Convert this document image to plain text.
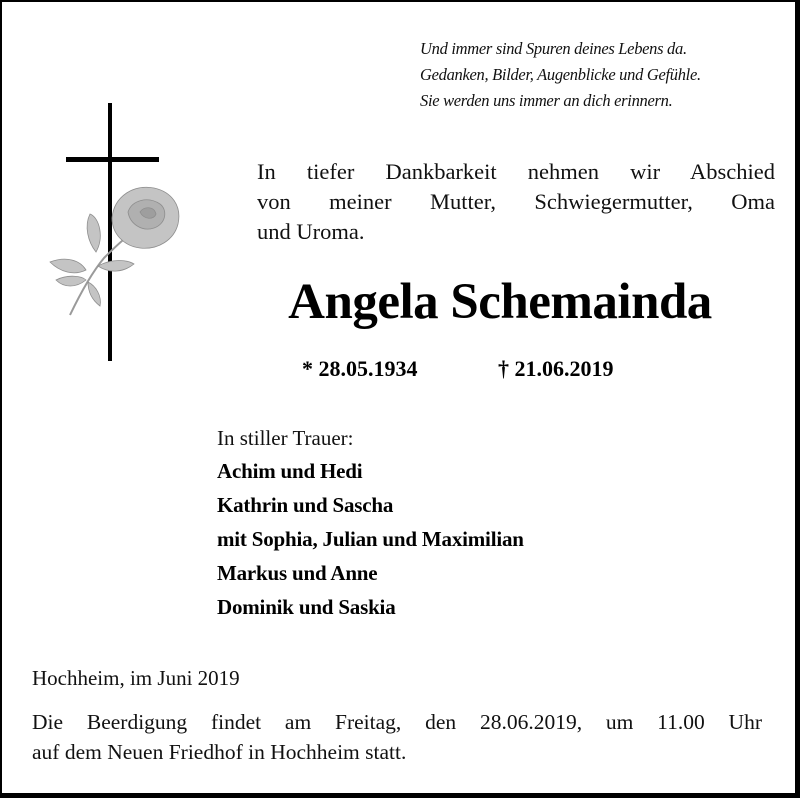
Und immer sind Spuren deines Lebens da.
Gedanken, Bilder, Augenblicke und Gefühle.
Sie werden uns immer an dich erinnern.
In tiefer Dankbarkeit nehmen wir Abschied
von meiner Mutter, Schwiegermutter, Oma
und Uroma.
Angela Schemainda
* 28.05.1934	† 21.06.2019
In stiller Trauer:
Achim und Hedi
Kathrin und Sascha
mit Sophia, Julian und Maximilian
Markus und Anne
Dominik und Saskia
Hochheim, im Juni 2019
Die Beerdigung findet am Freitag, den 28.06.2019, um 11.00 Uhr
auf dem Neuen Friedhof in Hochheim statt.
